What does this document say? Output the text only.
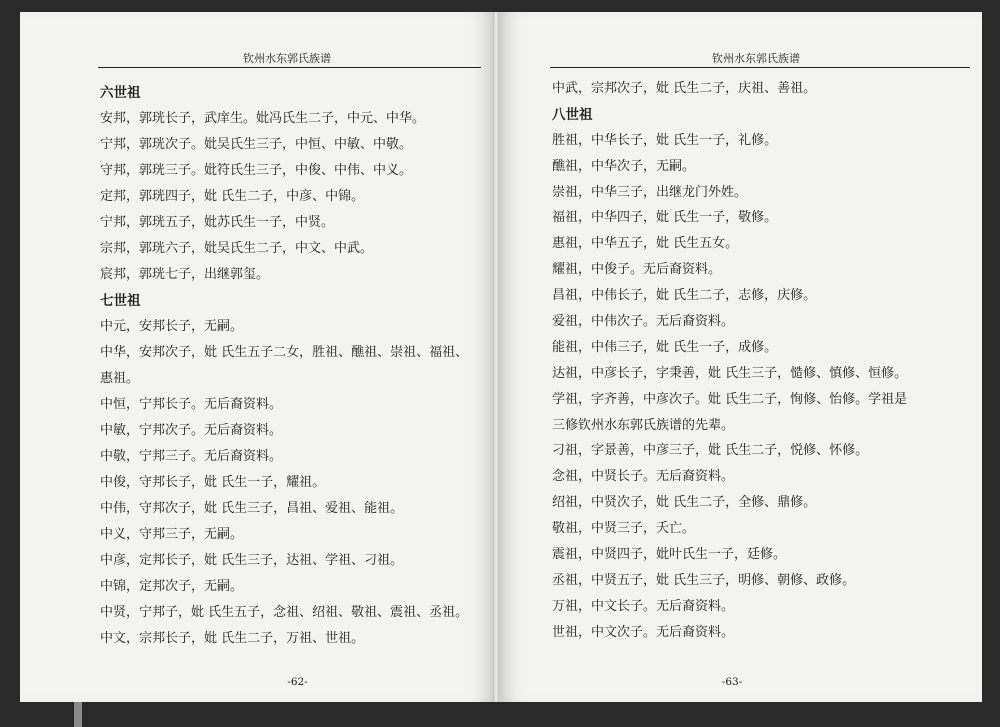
钦州水东郭氏族谱
六世祖
安邦，郭珖长子，武庠生。妣冯氏生二子，中元、中华。
宁邦，郭珖次子。妣吴氏生三子，中恒、中敏、中敬。
守邦，郭珖三子。妣符氏生三子，中俊、中伟、中义。
定邦，郭珖四子，妣 氏生二子，中彦、中锦。
宁邦，郭珖五子，妣苏氏生一子，中贤。
宗邦，郭珖六子，妣吴氏生二子，中文、中武。
宸邦，郭珖七子，出继郭玺。
七世祖
中元，安邦长子，无嗣。
中华，安邦次子，妣 氏生五子二女，胜祖、醮祖、崇祖、福祖、
惠祖。
中恒，宁邦长子。无后裔资料。
中敏，宁邦次子。无后裔资料。
中敬，宁邦三子。无后裔资料。
中俊，守邦长子，妣 氏生一子，耀祖。
中伟，守邦次子，妣 氏生三子，昌祖、爱祖、能祖。
中义，守邦三子，无嗣。
中彦，定邦长子，妣 氏生三子，达祖、学祖、刁祖。
中锦，定邦次子，无嗣。
中贤，宁邦子，妣 氏生五子，念祖、绍祖、敬祖、震祖、丞祖。
中文，宗邦长子，妣 氏生二子，万祖、世祖。
-62-
钦州水东郭氏族谱
中武，宗邦次子，妣 氏生二子，庆祖、善祖。
八世祖
胜祖，中华长子，妣 氏生一子，礼修。
醮祖，中华次子，无嗣。
崇祖，中华三子，出继龙门外姓。
福祖，中华四子，妣 氏生一子，敬修。
惠祖，中华五子，妣 氏生五女。
耀祖，中俊子。无后裔资料。
昌祖，中伟长子，妣 氏生二子，志修，庆修。
爱祖，中伟次子。无后裔资料。
能祖，中伟三子，妣 氏生一子，成修。
达祖，中彦长子，字秉善，妣 氏生三子，慥修、慎修、恒修。
学祖，字齐善，中彦次子。妣 氏生二子，恂修、怡修。学祖是
三修钦州水东郭氏族谱的先辈。
刁祖，字景善，中彦三子，妣 氏生二子，悦修、怀修。
念祖，中贤长子。无后裔资料。
绍祖，中贤次子，妣 氏生二子，全修、鼎修。
敬祖，中贤三子，夭亡。
震祖，中贤四子，妣叶氏生一子，廷修。
丞祖，中贤五子，妣 氏生三子，明修、朝修、政修。
万祖，中文长子。无后裔资料。
世祖，中文次子。无后裔资料。
-63-
